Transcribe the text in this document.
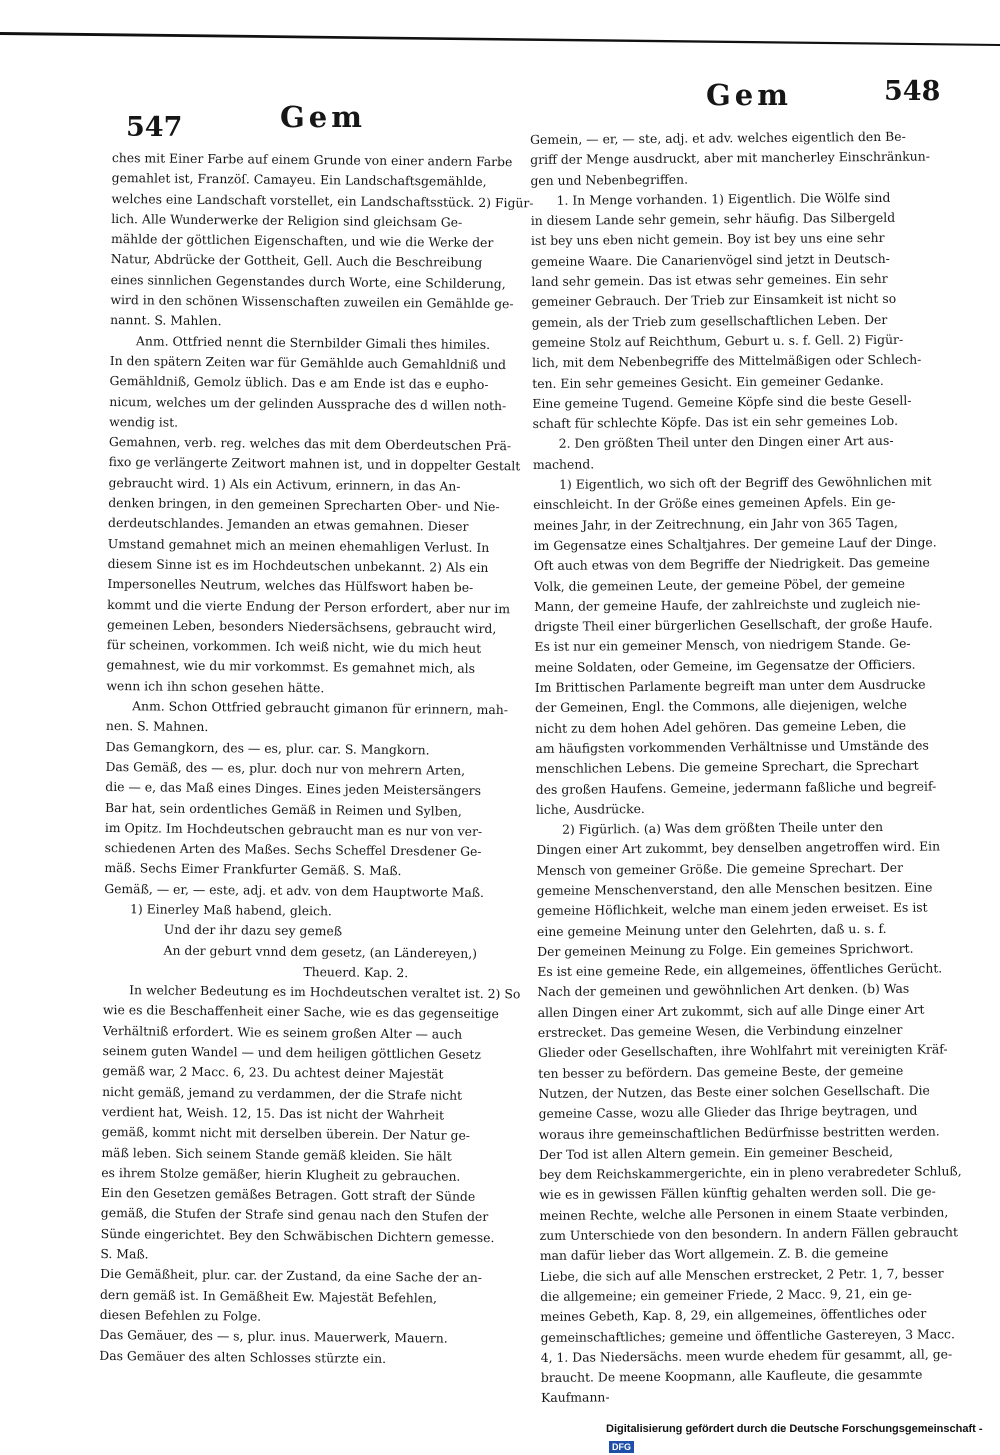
547	Gem
Gem	548
ches mit Einer Farbe auf einem Grunde von einer andern Farbe
gemahlet ist, Franzöſ. Camayeu. Ein Landschaftsgemählde,
welches eine Landschaft vorstellet, ein Landschaftsstück. 2) Figür-
lich. Alle Wunderwerke der Religion sind gleichsam Ge-
mählde der göttlichen Eigenschaften, und wie die Werke der
Natur, Abdrücke der Gottheit, Gell. Auch die Beschreibung
eines sinnlichen Gegenstandes durch Worte, eine Schilderung,
wird in den schönen Wissenschaften zuweilen ein Gemählde ge-
nannt. S. Mahlen.
Anm. Ottfried nennt die Sternbilder Gimali thes himiles.
In den spätern Zeiten war für Gemählde auch Gemahldniß und
Gemähldniß, Gemolz üblich. Das e am Ende ist das e eupho-
nicum, welches um der gelinden Aussprache des d willen noth-
wendig ist.
Gemahnen, verb. reg. welches das mit dem Oberdeutschen Prä-
fixo ge verlängerte Zeitwort mahnen ist, und in doppelter Gestalt
gebraucht wird. 1) Als ein Activum, erinnern, in das An-
denken bringen, in den gemeinen Sprecharten Ober- und Nie-
derdeutschlandes. Jemanden an etwas gemahnen. Dieser
Umstand gemahnet mich an meinen ehemahligen Verlust. In
diesem Sinne ist es im Hochdeutschen unbekannt. 2) Als ein
Impersonelles Neutrum, welches das Hülfswort haben be-
kommt und die vierte Endung der Person erfordert, aber nur im
gemeinen Leben, besonders Niedersächsens, gebraucht wird,
für scheinen, vorkommen. Ich weiß nicht, wie du mich heut
gemahnest, wie du mir vorkommst. Es gemahnet mich, als
wenn ich ihn schon gesehen hätte.
Anm. Schon Ottfried gebraucht gimanon für erinnern, mah-
nen. S. Mahnen.
Das Gemangkorn, des — es, plur. car. S. Mangkorn.
Das Gemäß, des — es, plur. doch nur von mehrern Arten,
die — e, das Maß eines Dinges. Eines jeden Meistersängers
Bar hat, sein ordentliches Gemäß in Reimen und Sylben,
im Opitz. Im Hochdeutschen gebraucht man es nur von ver-
schiedenen Arten des Maßes. Sechs Scheffel Dresdener Ge-
mäß. Sechs Eimer Frankfurter Gemäß. S. Maß.
Gemäß, — er, — este, adj. et adv. von dem Hauptworte Maß.
1) Einerley Maß habend, gleich.
Und der ihr dazu sey gemeß
An der geburt vnnd dem gesetz, (an Ländereyen,)
Theuerd. Kap. 2.
In welcher Bedeutung es im Hochdeutschen veraltet ist. 2) So
wie es die Beschaffenheit einer Sache, wie es das gegenseitige
Verhältniß erfordert. Wie es seinem großen Alter — auch
seinem guten Wandel — und dem heiligen göttlichen Gesetz
gemäß war, 2 Macc. 6, 23. Du achtest deiner Majestät
nicht gemäß, jemand zu verdammen, der die Strafe nicht
verdient hat, Weish. 12, 15. Das ist nicht der Wahrheit
gemäß, kommt nicht mit derselben überein. Der Natur ge-
mäß leben. Sich seinem Stande gemäß kleiden. Sie hält
es ihrem Stolze gemäßer, hierin Klugheit zu gebrauchen.
Ein den Gesetzen gemäßes Betragen. Gott straft der Sünde
gemäß, die Stufen der Strafe sind genau nach den Stufen der
Sünde eingerichtet. Bey den Schwäbischen Dichtern gemesse.
S. Maß.
Die Gemäßheit, plur. car. der Zustand, da eine Sache der an-
dern gemäß ist. In Gemäßheit Ew. Majestät Befehlen,
diesen Befehlen zu Folge.
Das Gemäuer, des — s, plur. inus. Mauerwerk, Mauern.
Das Gemäuer des alten Schlosses stürzte ein.
Gemein, — er, — ste, adj. et adv. welches eigentlich den Be-
griff der Menge ausdruckt, aber mit mancherley Einschränkun-
gen und Nebenbegriffen.
1. In Menge vorhanden. 1) Eigentlich. Die Wölfe sind
in diesem Lande sehr gemein, sehr häufig. Das Silbergeld
ist bey uns eben nicht gemein. Boy ist bey uns eine sehr
gemeine Waare. Die Canarienvögel sind jetzt in Deutsch-
land sehr gemein. Das ist etwas sehr gemeines. Ein sehr
gemeiner Gebrauch. Der Trieb zur Einsamkeit ist nicht so
gemein, als der Trieb zum gesellschaftlichen Leben. Der
gemeine Stolz auf Reichthum, Geburt u. s. f. Gell. 2) Figür-
lich, mit dem Nebenbegriffe des Mittelmäßigen oder Schlech-
ten. Ein sehr gemeines Gesicht. Ein gemeiner Gedanke.
Eine gemeine Tugend. Gemeine Köpfe sind die beste Gesell-
schaft für schlechte Köpfe. Das ist ein sehr gemeines Lob.
2. Den größten Theil unter den Dingen einer Art aus-
machend.
1) Eigentlich, wo sich oft der Begriff des Gewöhnlichen mit
einschleicht. In der Größe eines gemeinen Apfels. Ein ge-
meines Jahr, in der Zeitrechnung, ein Jahr von 365 Tagen,
im Gegensatze eines Schaltjahres. Der gemeine Lauf der Dinge.
Oft auch etwas von dem Begriffe der Niedrigkeit. Das gemeine
Volk, die gemeinen Leute, der gemeine Pöbel, der gemeine
Mann, der gemeine Haufe, der zahlreichste und zugleich nie-
drigste Theil einer bürgerlichen Gesellschaft, der große Haufe.
Es ist nur ein gemeiner Mensch, von niedrigem Stande. Ge-
meine Soldaten, oder Gemeine, im Gegensatze der Officiers.
Im Brittischen Parlamente begreift man unter dem Ausdrucke
der Gemeinen, Engl. the Commons, alle diejenigen, welche
nicht zu dem hohen Adel gehören. Das gemeine Leben, die
am häufigsten vorkommenden Verhältnisse und Umstände des
menschlichen Lebens. Die gemeine Sprechart, die Sprechart
des großen Haufens. Gemeine, jedermann faßliche und begreif-
liche, Ausdrücke.
2) Figürlich. (a) Was dem größten Theile unter den
Dingen einer Art zukommt, bey denselben angetroffen wird. Ein
Mensch von gemeiner Größe. Die gemeine Sprechart. Der
gemeine Menschenverstand, den alle Menschen besitzen. Eine
gemeine Höflichkeit, welche man einem jeden erweiset. Es ist
eine gemeine Meinung unter den Gelehrten, daß u. s. f.
Der gemeinen Meinung zu Folge. Ein gemeines Sprichwort.
Es ist eine gemeine Rede, ein allgemeines, öffentliches Gerücht.
Nach der gemeinen und gewöhnlichen Art denken. (b) Was
allen Dingen einer Art zukommt, sich auf alle Dinge einer Art
erstrecket. Das gemeine Wesen, die Verbindung einzelner
Glieder oder Gesellschaften, ihre Wohlfahrt mit vereinigten Kräf-
ten besser zu befördern. Das gemeine Beste, der gemeine
Nutzen, der Nutzen, das Beste einer solchen Gesellschaft. Die
gemeine Casse, wozu alle Glieder das Ihrige beytragen, und
woraus ihre gemeinschaftlichen Bedürfnisse bestritten werden.
Der Tod ist allen Altern gemein. Ein gemeiner Bescheid,
bey dem Reichskammergerichte, ein in pleno verabredeter Schluß,
wie es in gewissen Fällen künftig gehalten werden soll. Die ge-
meinen Rechte, welche alle Personen in einem Staate verbinden,
zum Unterschiede von den besondern. In andern Fällen gebraucht
man dafür lieber das Wort allgemein. Z. B. die gemeine
Liebe, die sich auf alle Menschen erstrecket, 2 Petr. 1, 7, besser
die allgemeine; ein gemeiner Friede, 2 Macc. 9, 21, ein ge-
meines Gebeth, Kap. 8, 29, ein allgemeines, öffentliches oder
gemeinschaftliches; gemeine und öffentliche Gastereyen, 3 Macc.
4, 1. Das Niedersächs. meen wurde ehedem für gesammt, all, ge-
braucht. De meene Koopmann, alle Kaufleute, die gesammte
Kaufmann-
Digitalisierung gefördert durch die Deutsche Forschungsgemeinschaft -DFG
